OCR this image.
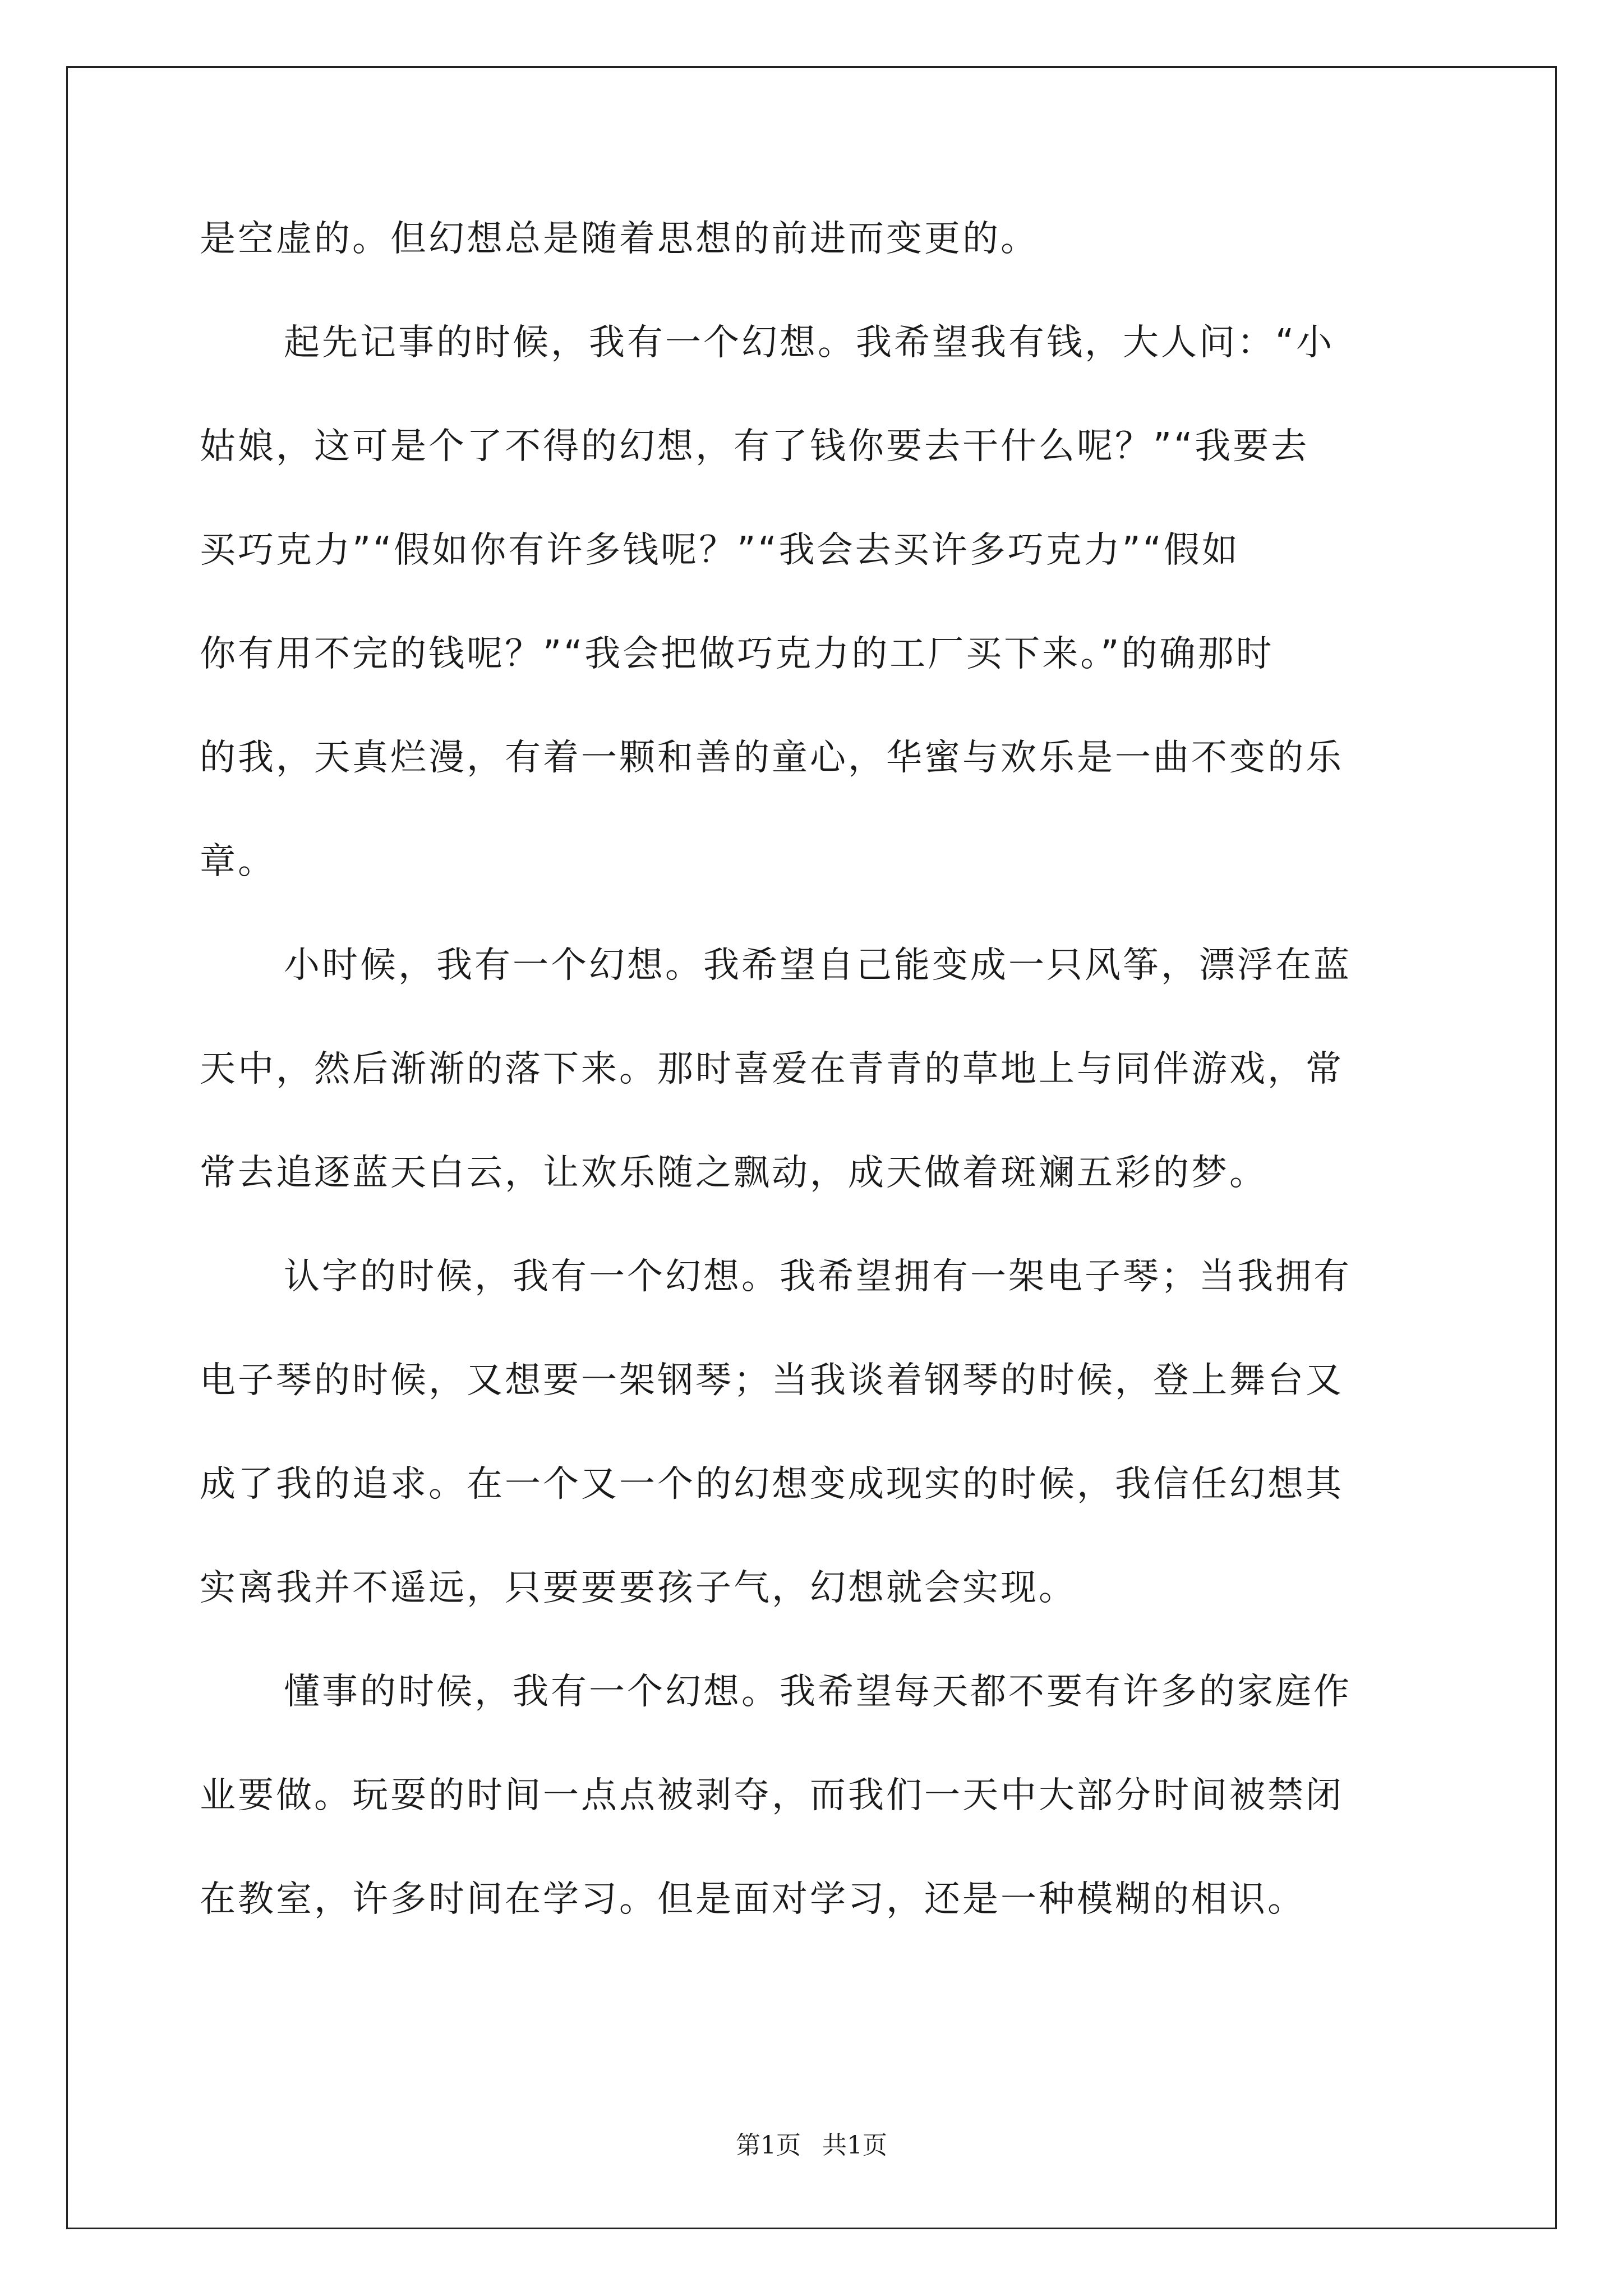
是空虚的。但幻想总是随着思想的前进而变更的。
起先记事的时候，我有一个幻想。我希望我有钱，大人问：“小
姑娘，这可是个了不得的幻想，有了钱你要去干什么呢？”“我要去
买巧克力”“假如你有许多钱呢？”“我会去买许多巧克力”“假如
你有用不完的钱呢？”“我会把做巧克力的工厂买下来。”的确那时
的我，天真烂漫，有着一颗和善的童心，华蜜与欢乐是一曲不变的乐
章。
小时候，我有一个幻想。我希望自己能变成一只风筝，漂浮在蓝
天中，然后渐渐的落下来。那时喜爱在青青的草地上与同伴游戏，常
常去追逐蓝天白云，让欢乐随之飘动，成天做着斑斓五彩的梦。
认字的时候，我有一个幻想。我希望拥有一架电子琴；当我拥有
电子琴的时候，又想要一架钢琴；当我谈着钢琴的时候，登上舞台又
成了我的追求。在一个又一个的幻想变成现实的时候，我信任幻想其
实离我并不遥远，只要要要孩子气，幻想就会实现。
懂事的时候，我有一个幻想。我希望每天都不要有许多的家庭作
业要做。玩耍的时间一点点被剥夺，而我们一天中大部分时间被禁闭
在教室，许多时间在学习。但是面对学习，还是一种模糊的相识。
第1页 共1页
